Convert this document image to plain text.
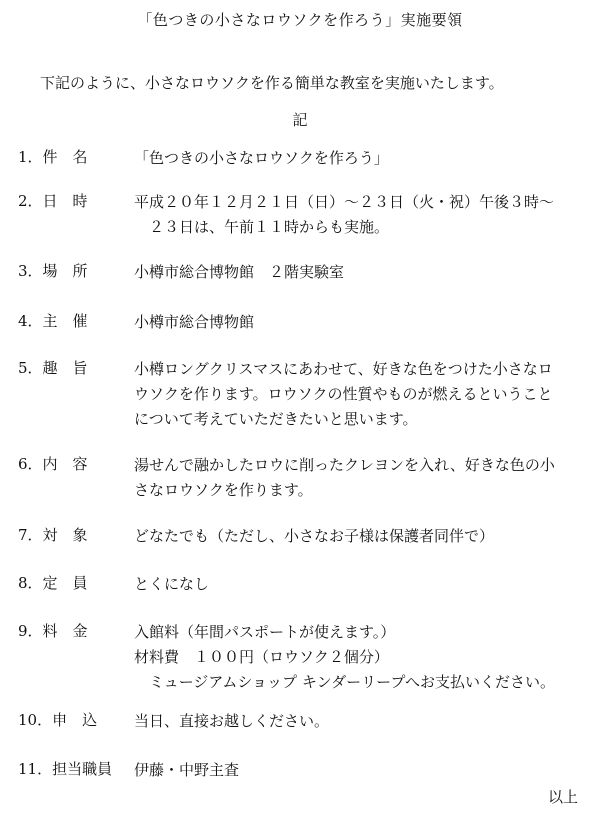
「色つきの小さなロウソクを作ろう」実施要領
下記のように、小さなロウソクを作る簡単な教室を実施いたします。
記
1．件　名	「色つきの小さなロウソクを作ろう」
2．日　時	平成２０年１２月２１日（日）～２３日（火・祝）午後３時～
　２３日は、午前１１時からも実施。
3．場　所	小樽市総合博物館　２階実験室
4．主　催	小樽市総合博物館
5．趣　旨	小樽ロングクリスマスにあわせて、好きな色をつけた小さなロ
ウソクを作ります。ロウソクの性質やものが燃えるということ
について考えていただきたいと思います。
6．内　容	湯せんで融かしたロウに削ったクレヨンを入れ、好きな色の小
さなロウソクを作ります。
7．対　象	どなたでも（ただし、小さなお子様は保護者同伴で）
8．定　員	とくになし
9．料　金	入館料（年間パスポートが使えます。）
材料費　１００円（ロウソク２個分）
　ミュージアムショップ キンダーリープへお支払いください。
10．申　込	当日、直接お越しください。
11．担当職員	伊藤・中野主査
以上
